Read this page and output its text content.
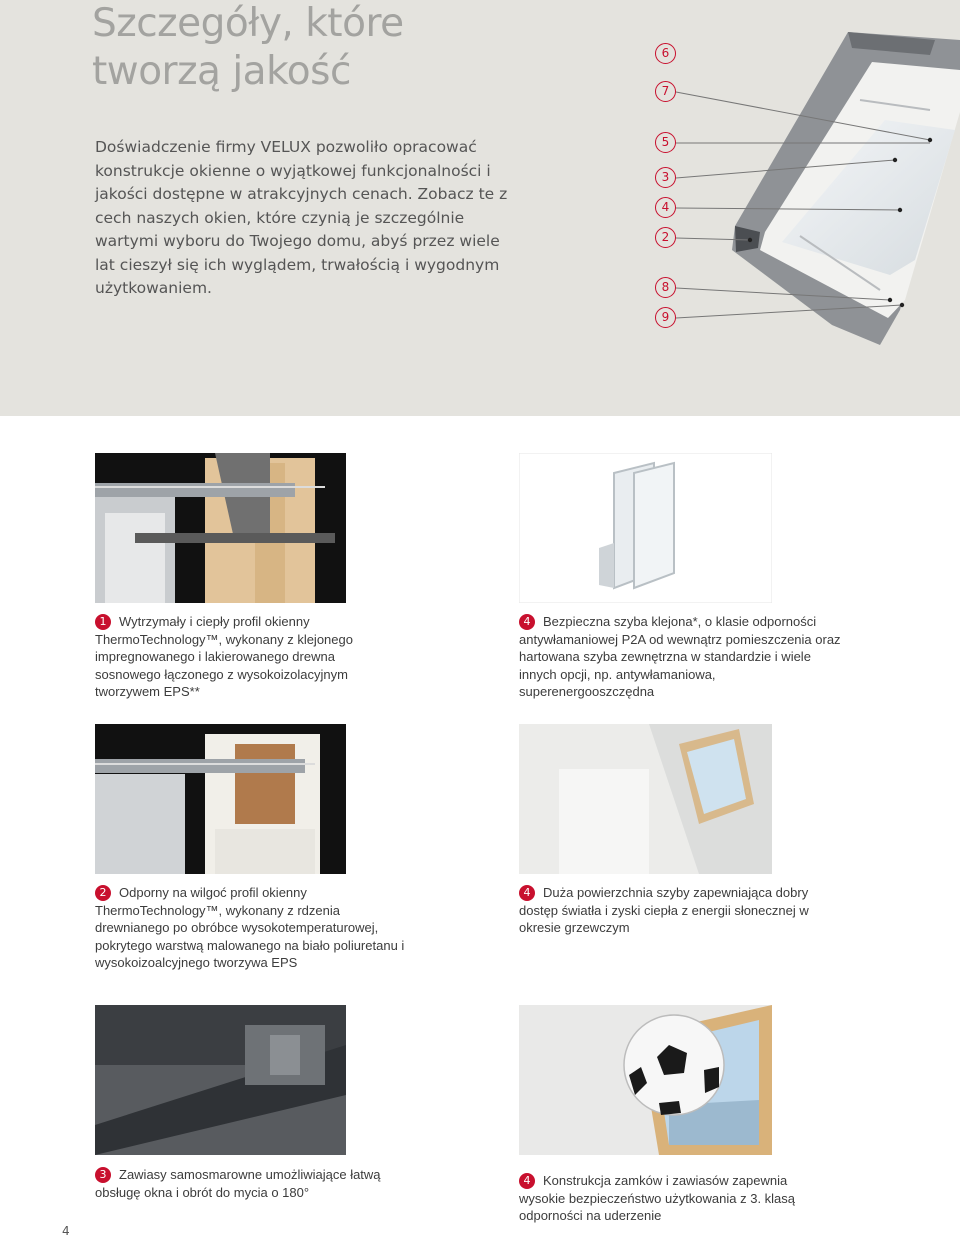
Szczegóły, które
tworzą jakość

Doświadczenie firmy VELUX pozwoliło opracować konstrukcje okienne o wyjątkowej funkcjonalności i jakości dostępne w atrakcyjnych cenach. Zobacz te z cech naszych okien, które czynią je szczególnie wartymi wyboru do Twojego domu, abyś przez wiele lat cieszył się ich wyglądem, trwałością i wygodnym użytkowaniem.

6
7
5
3
4
2
8
9
1 Wytrzymały i ciepły profil okienny ThermoTechnology™, wykonany z klejonego impregnowanego i lakierowanego drewna sosnowego łączonego z wysokoizolacyjnym tworzywem EPS**
4 Bezpieczna szyba klejona*, o klasie odporności antywłamaniowej P2A od wewnątrz pomieszczenia oraz hartowana szyba zewnętrzna w standardzie i wiele innych opcji, np. antywłamaniowa, superenergooszczędna
2 Odporny na wilgoć profil okienny ThermoTechnology™, wykonany z rdzenia drewnianego po obróbce wysokotemperaturowej, pokrytego warstwą malowanego na biało poliuretanu i wysokoizoalcyjnego tworzywa EPS
4 Duża powierzchnia szyby zapewniająca dobry dostęp światła i zyski ciepła z energii słonecznej w okresie grzewczym
3 Zawiasy samosmarowne umożliwiające łatwą obsługę okna i obrót do mycia o 180°
4 Konstrukcja zamków i zawiasów zapewnia wysokie bezpieczeństwo użytkowania z 3. klasą odporności na uderzenie
4
